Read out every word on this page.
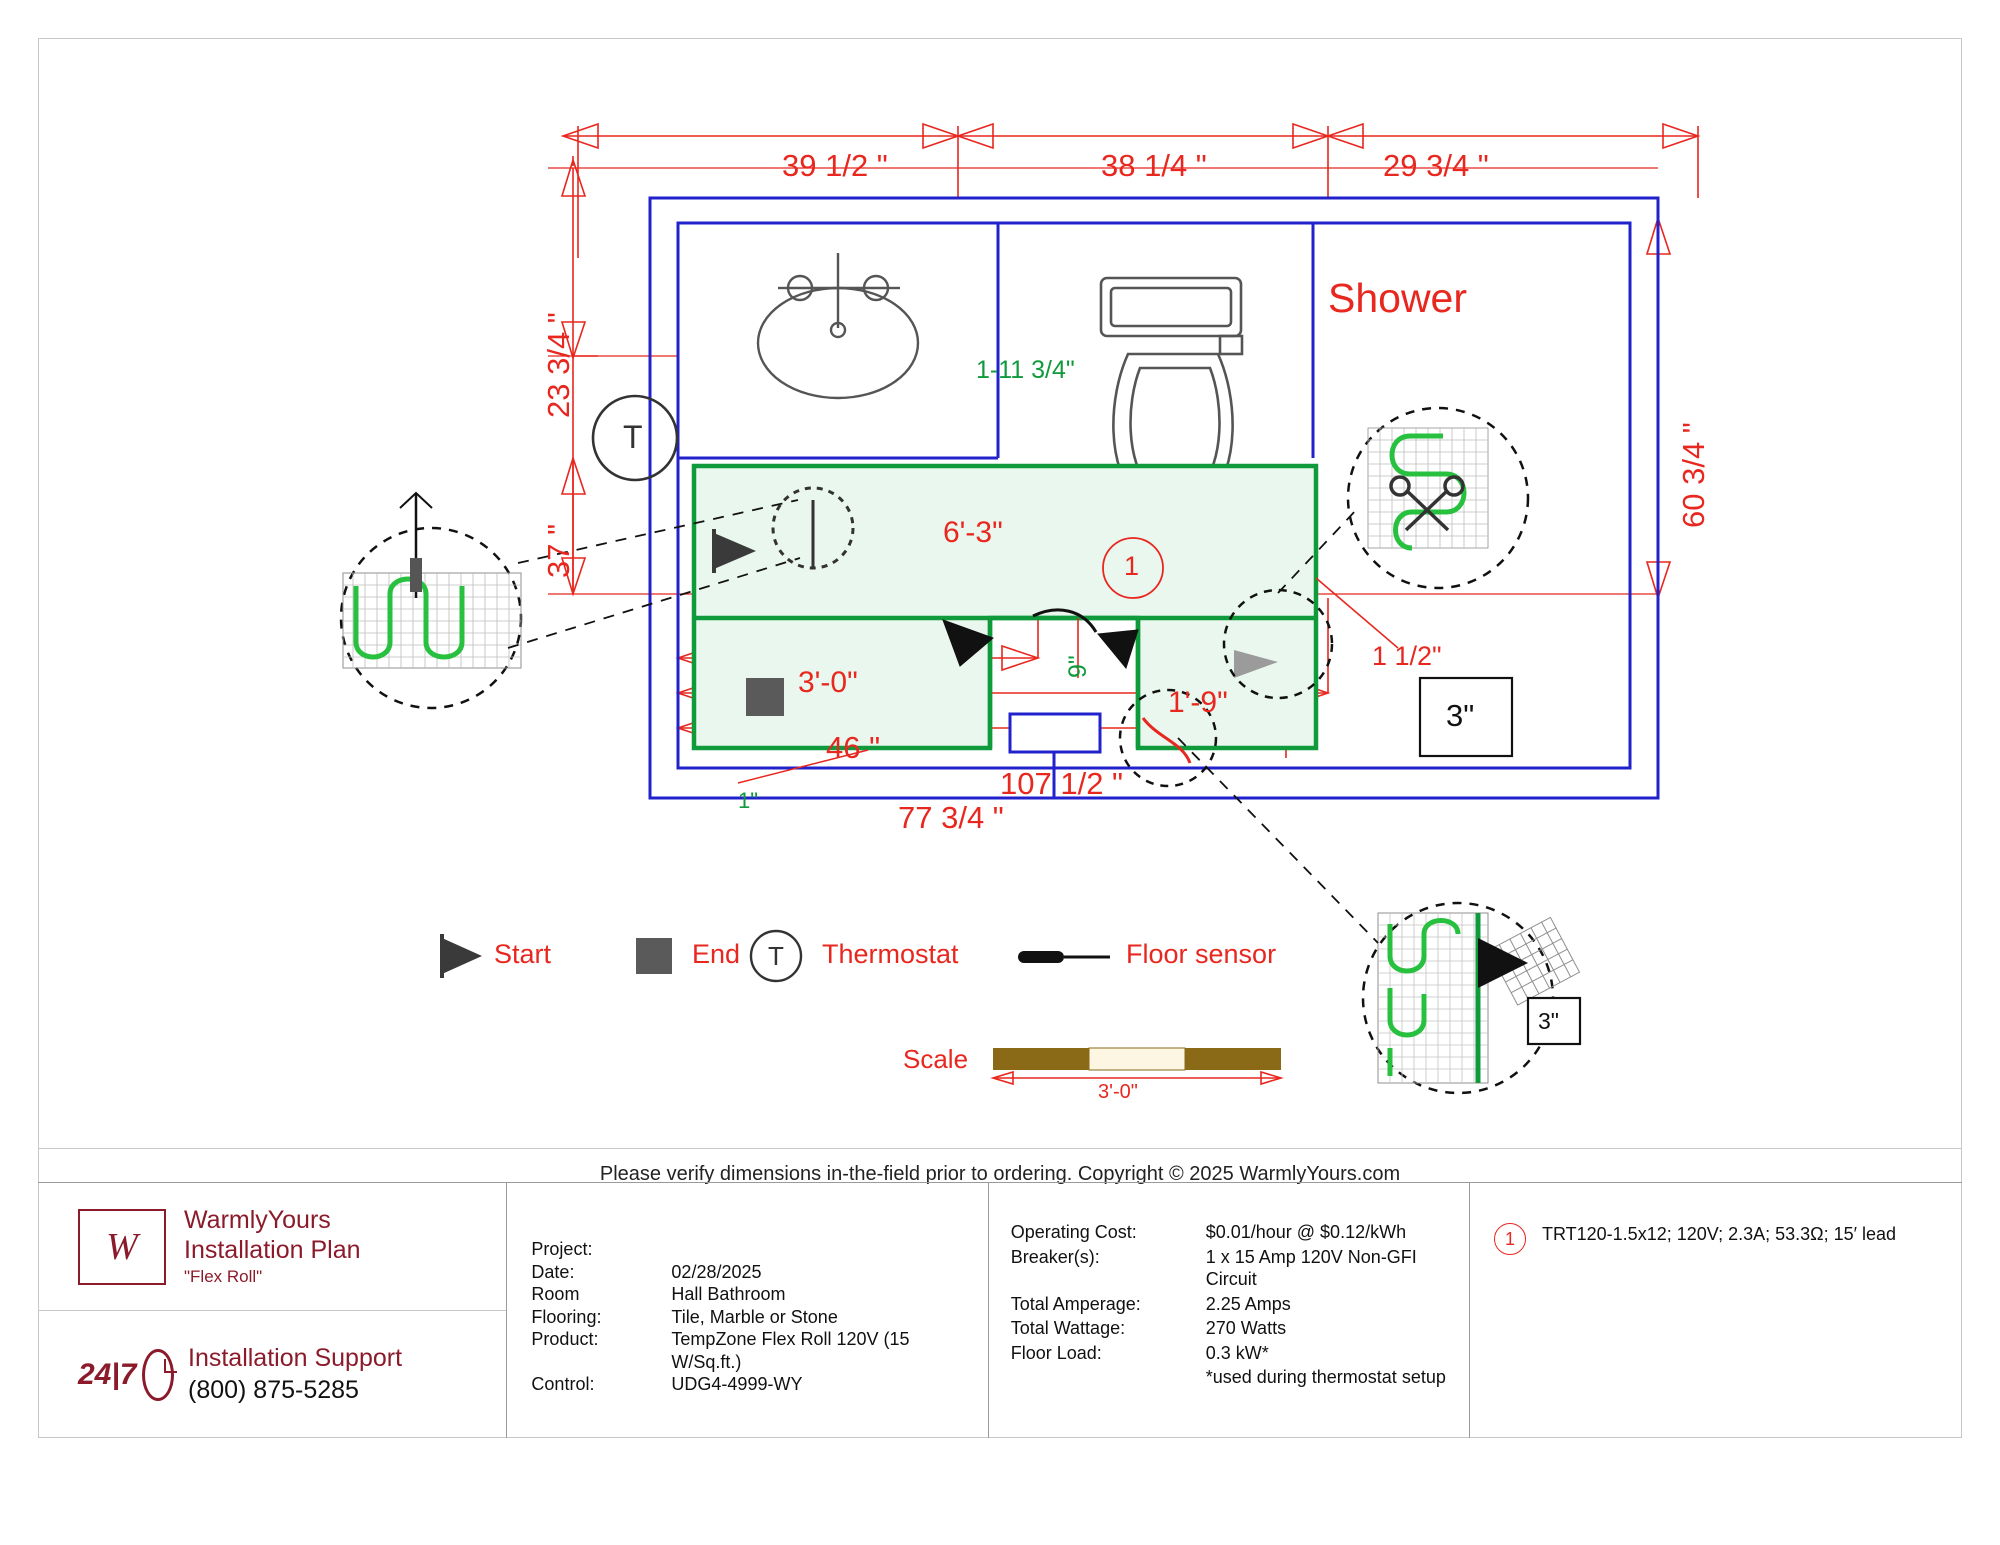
39 1/2 "	38 1/4 "	29 3/4 "
23 3/4 "
37 "
60 3/4 "
46 "
107 1/2 "
77 3/4 "
Shower
6'-3"
3'-0"
1'-9"
1-11 3/4"
9"
1"
1
1 1/2"
3"
3"
T
Start	End T Thermostat	Floor sensor
Scale
3'-0"
Please verify dimensions in-the-field prior to ordering. Copyright © 2025 WarmlyYours.com
W
WarmlyYours
Installation Plan
"Flex Roll"
24|7 Installation Support
(800) 875-5285
Project:
Date:	02/28/2025
Room	Hall Bathroom
Flooring:	Tile, Marble or Stone
Product:	TempZone Flex Roll 120V (15 W/Sq.ft.)
Control:	UDG4-4999-WY
Operating Cost:	$0.01/hour @ $0.12/kWh
Breaker(s):	1 x 15 Amp 120V Non-GFI Circuit
Total Amperage:	2.25 Amps
Total Wattage:	270 Watts
Floor Load:	0.3 kW*
*used during thermostat setup
1	TRT120-1.5x12; 120V; 2.3A; 53.3Ω; 15′ lead
